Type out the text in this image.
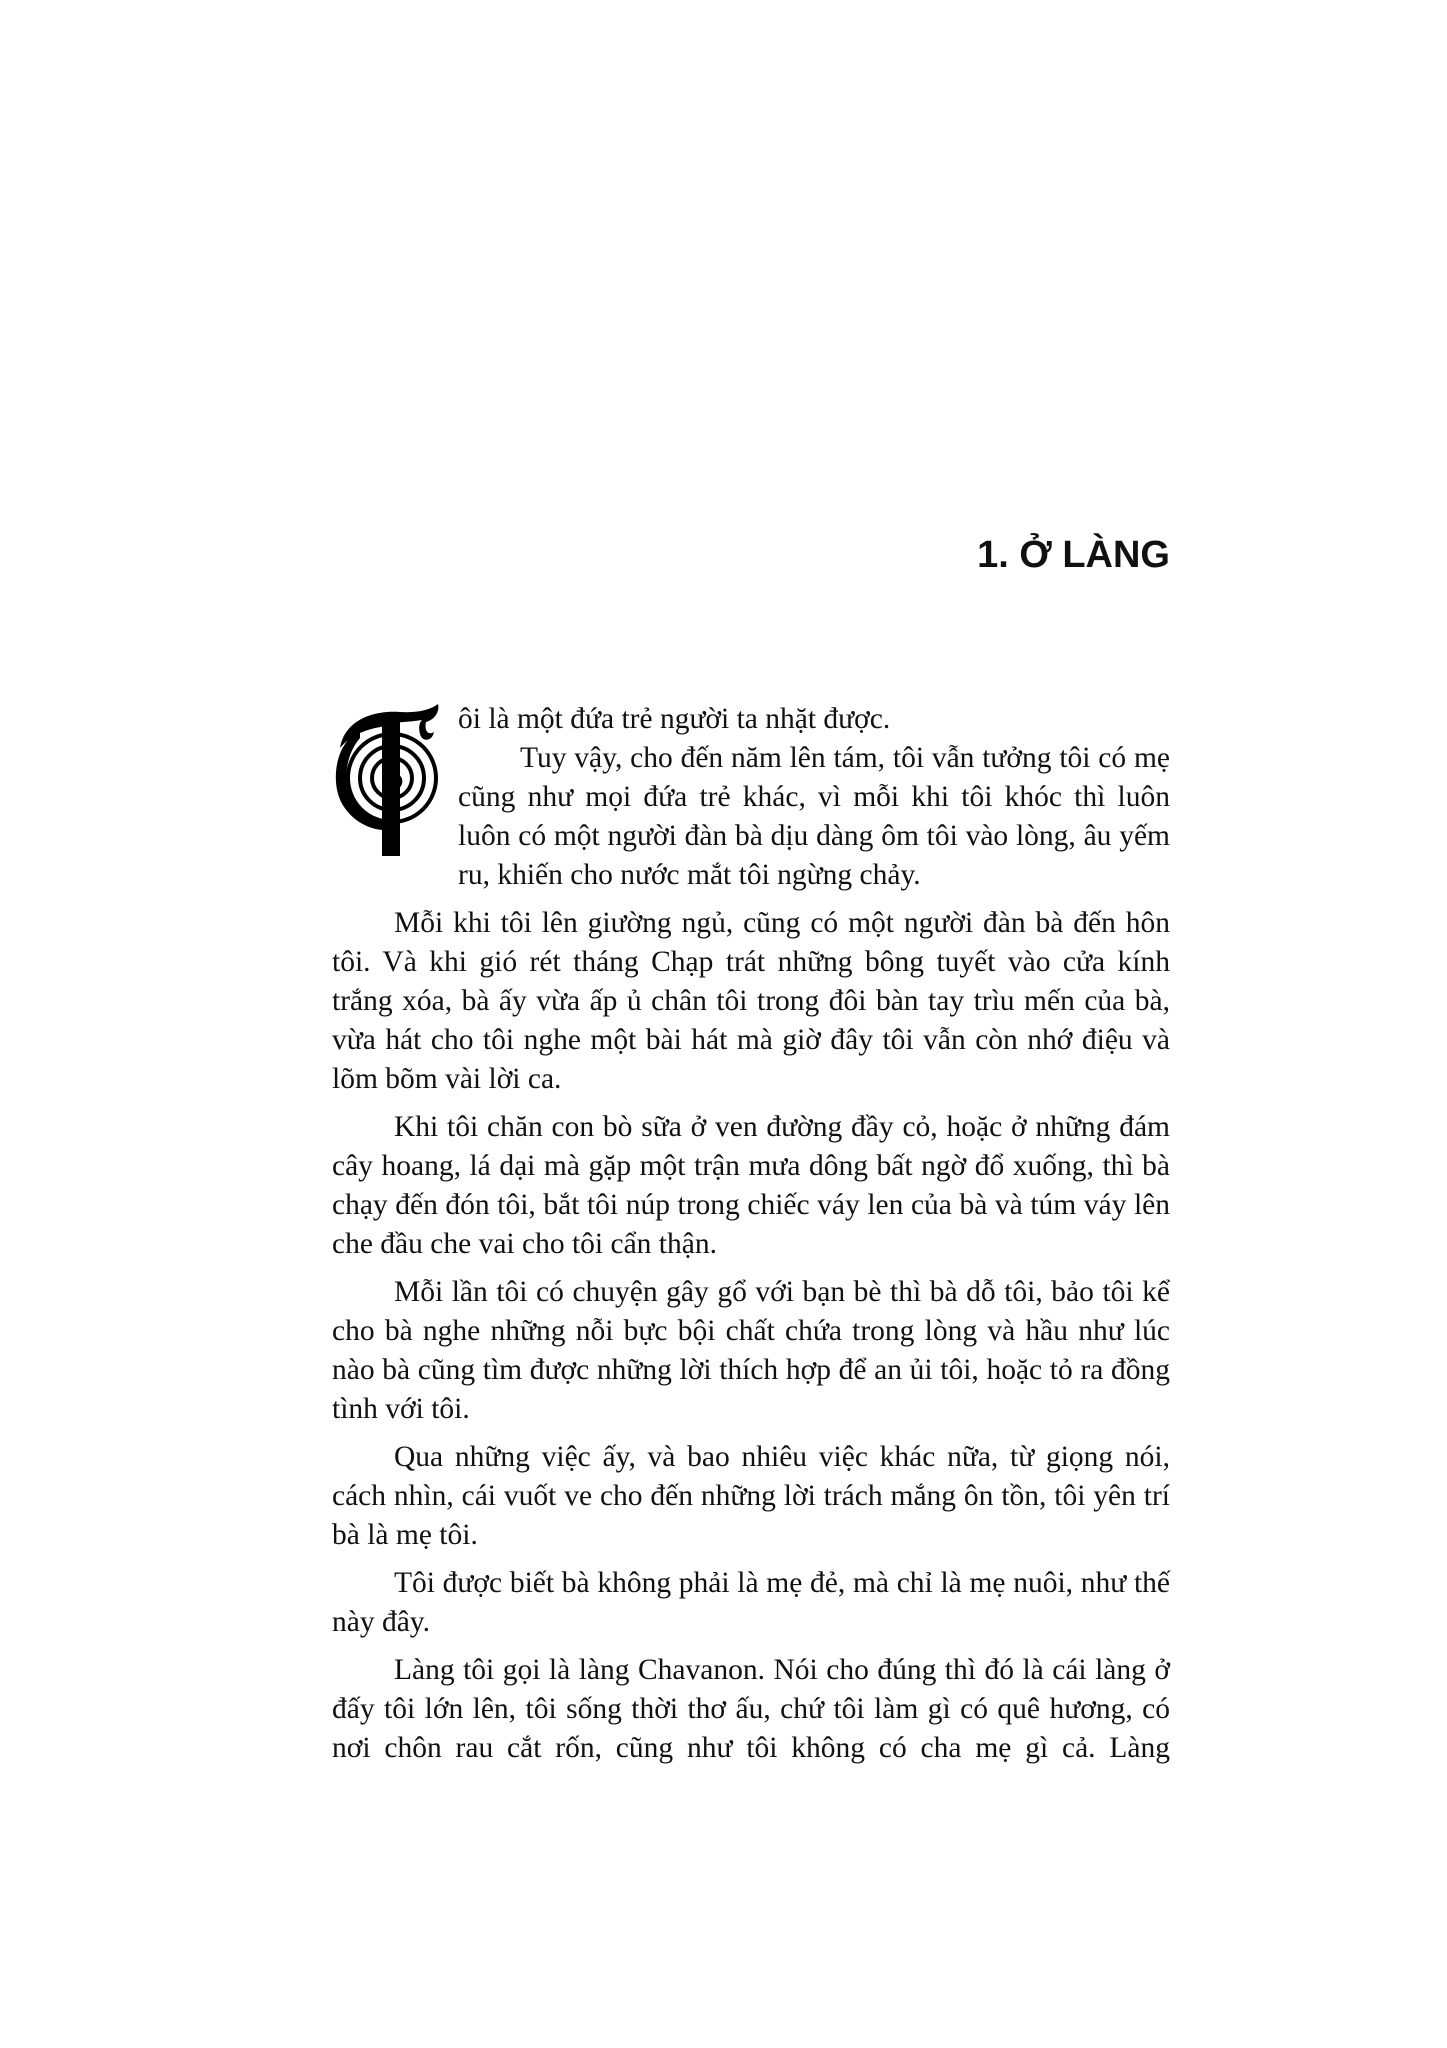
1. Ở LÀNG

ôi là một đứa trẻ người ta nhặt được.
Tuy vậy, cho đến năm lên tám, tôi vẫn tưởng tôi có mẹ cũng như mọi đứa trẻ khác, vì mỗi khi tôi khóc thì luôn luôn có một người đàn bà dịu dàng ôm tôi vào lòng, âu yếm ru, khiến cho nước mắt tôi ngừng chảy.

Mỗi khi tôi lên giường ngủ, cũng có một người đàn bà đến hôn tôi. Và khi gió rét tháng Chạp trát những bông tuyết vào cửa kính trắng xóa, bà ấy vừa ấp ủ chân tôi trong đôi bàn tay trìu mến của bà, vừa hát cho tôi nghe một bài hát mà giờ đây tôi vẫn còn nhớ điệu và lõm bõm vài lời ca.

Khi tôi chăn con bò sữa ở ven đường đầy cỏ, hoặc ở những đám cây hoang, lá dại mà gặp một trận mưa dông bất ngờ đổ xuống, thì bà chạy đến đón tôi, bắt tôi núp trong chiếc váy len của bà và túm váy lên che đầu che vai cho tôi cẩn thận.

Mỗi lần tôi có chuyện gây gổ với bạn bè thì bà dỗ tôi, bảo tôi kể cho bà nghe những nỗi bực bội chất chứa trong lòng và hầu như lúc nào bà cũng tìm được những lời thích hợp để an ủi tôi, hoặc tỏ ra đồng tình với tôi.

Qua những việc ấy, và bao nhiêu việc khác nữa, từ giọng nói, cách nhìn, cái vuốt ve cho đến những lời trách mắng ôn tồn, tôi yên trí bà là mẹ tôi.

Tôi được biết bà không phải là mẹ đẻ, mà chỉ là mẹ nuôi, như thế này đây.

Làng tôi gọi là làng Chavanon. Nói cho đúng thì đó là cái làng ở đấy tôi lớn lên, tôi sống thời thơ ấu, chứ tôi làm gì có quê hương, có nơi chôn rau cắt rốn, cũng như tôi không có cha mẹ gì cả. Làng
